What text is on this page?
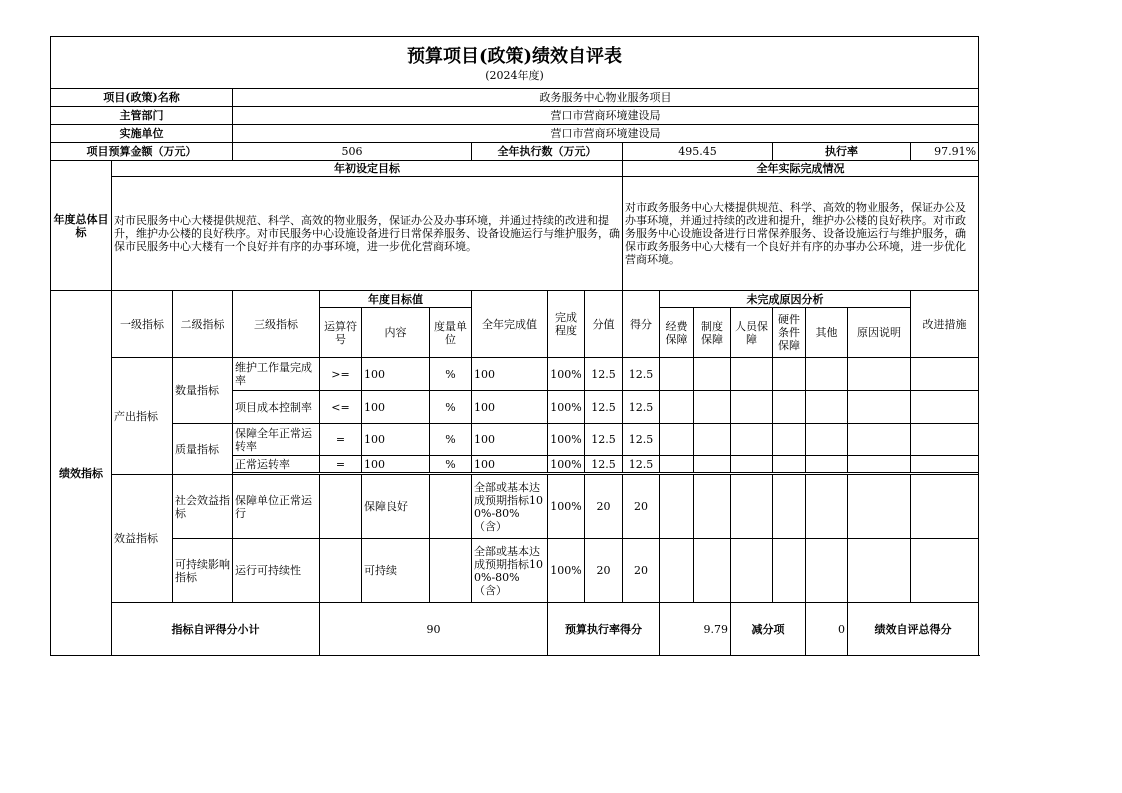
预算项目(政策)绩效自评表
(2024年度)																		

项目(政策)名称			政务服务中心物业服务项目															
主管部门			营口市营商环境建设局															
实施单位			营口市营商环境建设局															
项目预算金额（万元）			506				全年执行数（万元）			495.45				执行率			97.91%	
年度总体目标	年初设定目标									全年实际完成情况								
	对市民服务中心大楼提供规范、科学、高效的物业服务，保证办公及办事环境，并通过持续的改进和提升，维护办公楼的良好秩序。对市民服务中心设施设备进行日常保养服务、设备设施运行与维护服务，确保市民服务中心大楼有一个良好并有序的办事环境，进一步优化营商环境。									对市政务服务中心大楼提供规范、科学、高效的物业服务，保证办公及办事环境，并通过持续的改进和提升，维护办公楼的良好秩序。对市政务服务中心设施设备进行日常保养服务、设备设施运行与维护服务，确保市政务服务中心大楼有一个良好并有序的办事办公环境，进一步优化营商环境。								
绩效指标	一级指标	二级指标	三级指标	年度目标值			全年完成值	完成程度	分值	得分	未完成原因分析						改进措施	
				运算符号	内容	度量单位					经费保障	制度保障	人员保障	硬件条件保障	其他	原因说明		
	产出指标	数量指标	维护工作量完成率	>=	100	%	100	100%	12.5	12.5								
			项目成本控制率	<=	100	%	100	100%	12.5	12.5								
		质量指标	保障全年正常运转率	=	100	%	100	100%	12.5	12.5								
			正常运转率	=	100	%	100	100%	12.5	12.5								

	效益指标	社会效益指标	保障单位正常运行		保障良好		全部或基本达成预期指标100%-80%（含）	100%	20	20								
		可持续影响指标	运行可持续性		可持续		全部或基本达成预期指标100%-80%（含）	100%	20	20								
	指标自评得分小计			90				预算执行率得分			9.79		减分项		0	绩效自评总得分	
